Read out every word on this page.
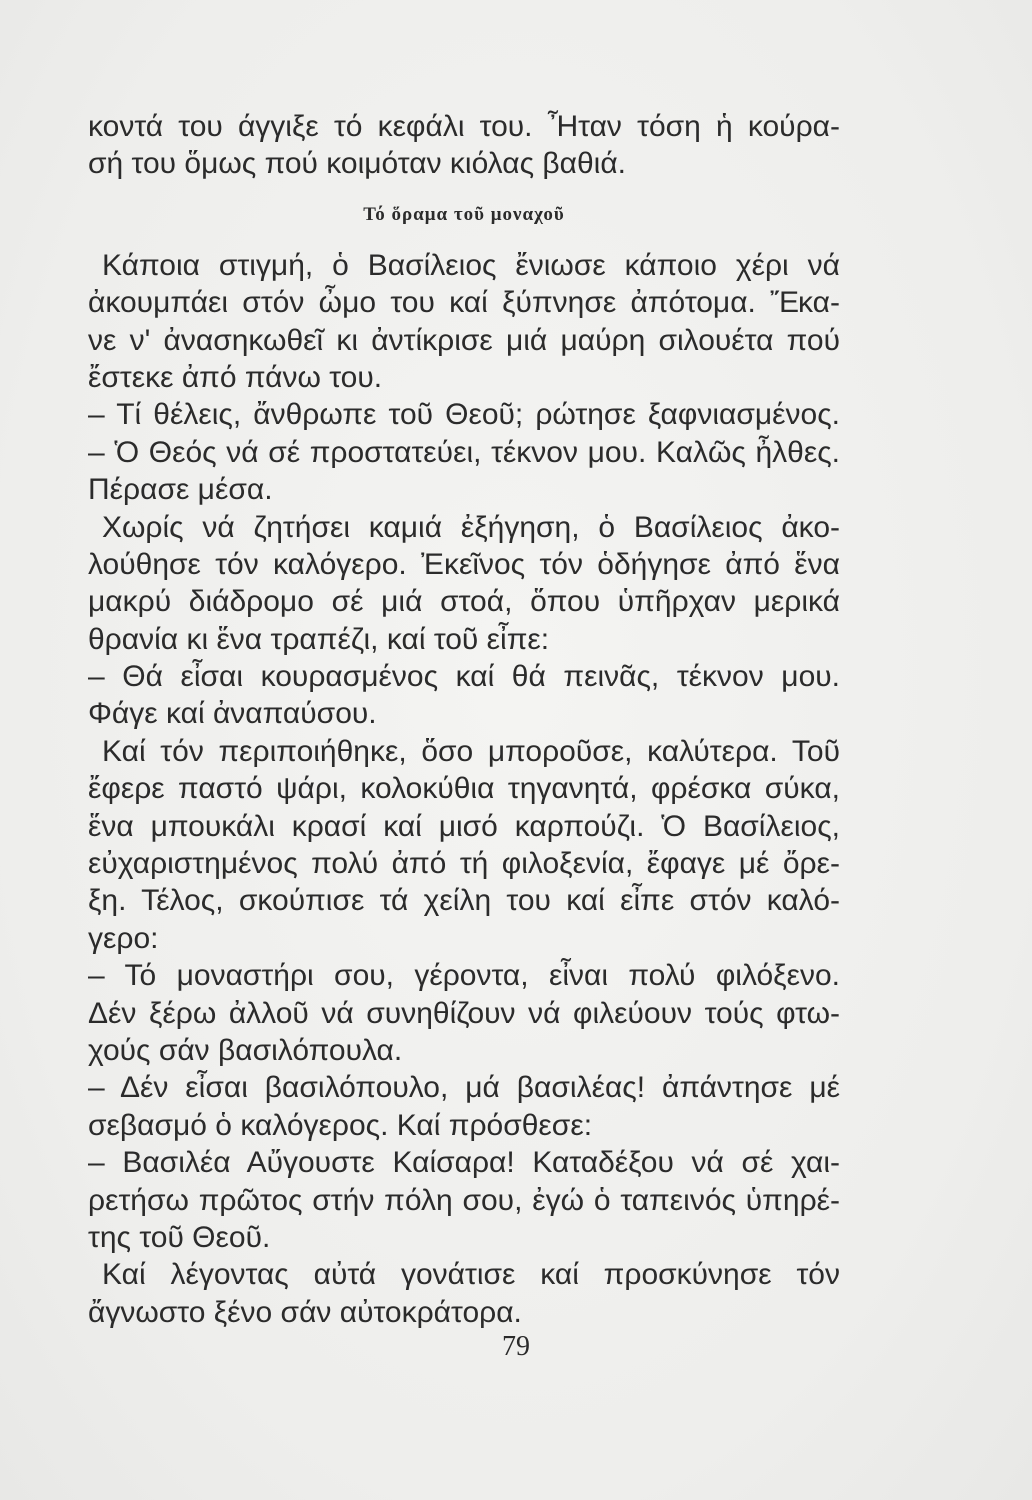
κοντά του άγγιξε τό κεφάλι του. Ἦταν τόση ἡ κούρα-
σή του ὅμως πού κοιμόταν κιόλας βαθιά.
Τό ὅραμα τοῦ μοναχοῦ
Κάποια στιγμή, ὁ Βασίλειος ἔνιωσε κάποιο χέρι νά
ἀκουμπάει στόν ὦμο του καί ξύπνησε ἀπότομα. Ἔκα-
νε ν' ἀνασηκωθεῖ κι ἀντίκρισε μιά μαύρη σιλουέτα πού
ἔστεκε ἀπό πάνω του.
– Τί θέλεις, ἄνθρωπε τοῦ Θεοῦ; ρώτησε ξαφνιασμένος.
– Ὁ Θεός νά σέ προστατεύει, τέκνον μου. Καλῶς ἦλθες.
Πέρασε μέσα.
Χωρίς νά ζητήσει καμιά ἐξήγηση, ὁ Βασίλειος ἀκο-
λούθησε τόν καλόγερο. Ἐκεῖνος τόν ὁδήγησε ἀπό ἕνα
μακρύ διάδρομο σέ μιά στοά, ὅπου ὑπῆρχαν μερικά
θρανία κι ἕνα τραπέζι, καί τοῦ εἶπε:
– Θά εἶσαι κουρασμένος καί θά πεινᾶς, τέκνον μου.
Φάγε καί ἀναπαύσου.
Καί τόν περιποιήθηκε, ὅσο μποροῦσε, καλύτερα. Τοῦ
ἔφερε παστό ψάρι, κολοκύθια τηγανητά, φρέσκα σύκα,
ἕνα μπουκάλι κρασί καί μισό καρπούζι. Ὁ Βασίλειος,
εὐχαριστημένος πολύ ἀπό τή φιλοξενία, ἔφαγε μέ ὄρε-
ξη. Τέλος, σκούπισε τά χείλη του καί εἶπε στόν καλό-
γερο:
– Τό μοναστήρι σου, γέροντα, εἶναι πολύ φιλόξενο.
Δέν ξέρω ἀλλοῦ νά συνηθίζουν νά φιλεύουν τούς φτω-
χούς σάν βασιλόπουλα.
– Δέν εἶσαι βασιλόπουλο, μά βασιλέας! ἀπάντησε μέ
σεβασμό ὁ καλόγερος. Καί πρόσθεσε:
– Βασιλέα Αὔγουστε Καίσαρα! Καταδέξου νά σέ χαι-
ρετήσω πρῶτος στήν πόλη σου, ἐγώ ὁ ταπεινός ὑπηρέ-
της τοῦ Θεοῦ.
Καί λέγοντας αὐτά γονάτισε καί προσκύνησε τόν
ἄγνωστο ξένο σάν αὐτοκράτορα.
79
